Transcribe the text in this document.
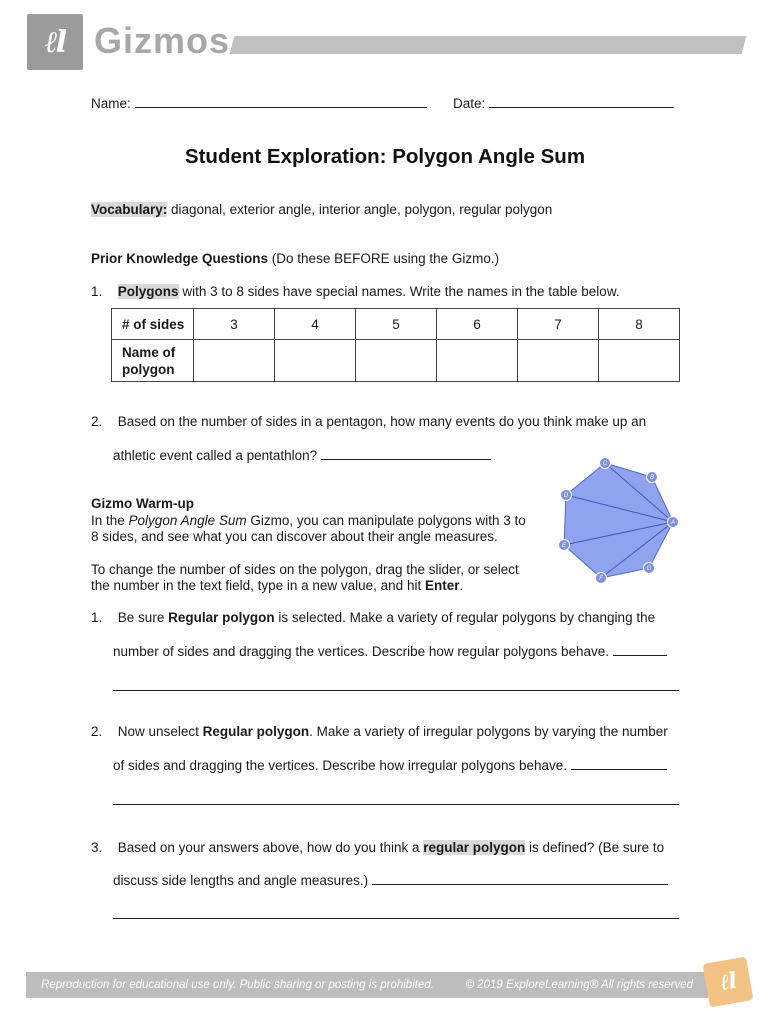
ℓl Gizmos
Name:	Date:
Student Exploration: Polygon Angle Sum
Vocabulary: diagonal, exterior angle, interior angle, polygon, regular polygon
Prior Knowledge Questions (Do these BEFORE using the Gizmo.)
1. Polygons with 3 to 8 sides have special names. Write the names in the table below.
# of sides	3	4	5	6	7	8
Name of
polygon						
2. Based on the number of sides in a pentagon, how many events do you think make up an
athletic event called a pentathlon?
Gizmo Warm-up
In the Polygon Angle Sum Gizmo, you can manipulate polygons with 3 to
8 sides, and see what you can discover about their angle measures.
To change the number of sides on the polygon, drag the slider, or select
the number in the text field, type in a new value, and hit Enter.
C
B
D
A
E
G
F
1. Be sure Regular polygon is selected. Make a variety of regular polygons by changing the
number of sides and dragging the vertices. Describe how regular polygons behave.
2. Now unselect Regular polygon. Make a variety of irregular polygons by varying the number
of sides and dragging the vertices. Describe how irregular polygons behave.
3. Based on your answers above, how do you think a regular polygon is defined? (Be sure to
discuss side lengths and angle measures.)
Reproduction for educational use only. Public sharing or posting is prohibited.	© 2019 ExploreLearning® All rights reserved ℓl
